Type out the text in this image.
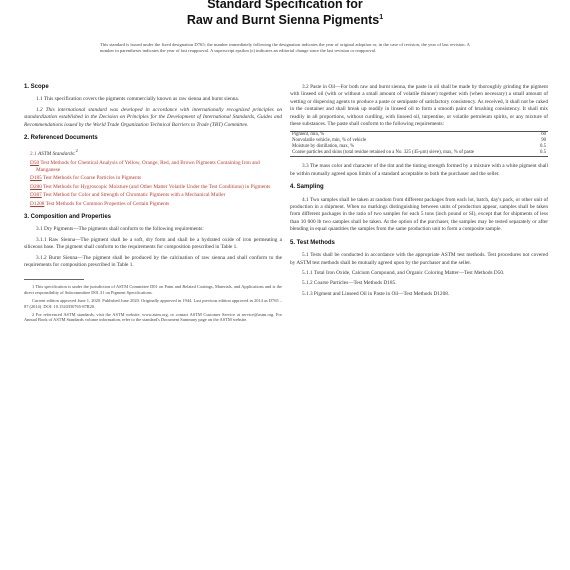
Standard Specification for
Raw and Burnt Sienna Pigments$^1$
This standard is issued under the fixed designation D765; the number immediately following the designation indicates the year of original adoption or, in the case of revision, the year of last revision. A number in parentheses indicates the year of last reapproval. A superscript epsilon (ε) indicates an editorial change since the last revision or reapproval.
1. Scope

1.1 This specification covers the pigments commercially known as raw sienna and burnt sienna.

1.2 This international standard was developed in accordance with internationally recognized principles on standardization established in the Decision on Principles for the Development of International Standards, Guides and Recommendations issued by the World Trade Organization Technical Barriers to Trade (TBT) Committee.

2. Referenced Documents
2.1 ASTM Standards:$^2$
D50 Test Methods for Chemical Analysis of Yellow, Orange, Red, and Brown Pigments Containing Iron and Manganese
D185 Test Methods for Coarse Particles in Pigments
D280 Test Methods for Hygroscopic Moisture (and Other Matter Volatile Under the Test Conditions) in Pigments
D387 Test Method for Color and Strength of Chromatic Pigments with a Mechanical Muller
D1208 Test Methods for Common Properties of Certain Pigments
3. Composition and Properties

3.1 Dry Pigments—The pigments shall conform to the following requirements:

3.1.1 Raw Sienna—The pigment shall be a soft, dry form and shall be a hydrated oxide of iron permeating a siliceous base. The pigment shall conform to the requirements for composition prescribed in Table 1.

3.1.2 Burnt Sienna—The pigment shall be produced by the calcination of raw sienna and shall conform to the requirements for composition prescribed in Table 1.

1 This specification is under the jurisdiction of ASTM Committee D01 on Paint and Related Coatings, Materials, and Applications and is the direct responsibility of Subcommittee D01.31 on Pigment Specifications.

Current edition approved June 1, 2020. Published June 2020. Originally approved in 1944. Last previous edition approved in 2014 as D765 – 87 (2014). DOI: 10.1520/D0765-87R20.

2 For referenced ASTM standards, visit the ASTM website, www.astm.org, or contact ASTM Customer Service at service@astm.org. For Annual Book of ASTM Standards volume information, refer to the standard's Document Summary page on the ASTM website.

3.2 Paste in Oil—For both raw and burnt sienna, the paste in oil shall be made by thoroughly grinding the pigment with linseed oil (with or without a small amount of volatile thinner) together with (when necessary) a small amount of wetting or dispersing agents to produce a paste or semipaste of satisfactory consistency. As received, it shall not be caked in the container and shall break up readily in linseed oil to form a smooth paint of brushing consistency. It shall mix readily in all proportions, without curdling, with linseed oil, turpentine, or volatile petroleum spirits, or any mixture of these substances. The paste shall conform to the following requirements:

Pigment, min, %	60
Nonvolatile vehicle, min, % of vehicle	90
Moisture by distillation, max, %	0.5
Coarse particles and skins (total residue retained on a No. 325 (45-μm) sieve), max, % of paste	0.5

3.3 The mass color and character of the tint and the tinting strength formed by a mixture with a white pigment shall be within mutually agreed upon limits of a standard acceptable to both the purchaser and the seller.

4. Sampling

4.1 Two samples shall be taken at random from different packages from each lot, batch, day's pack, or other unit of production in a shipment. When no markings distinguishing between units of production appear, samples shall be taken from different packages in the ratio of two samples for each 5 tons (inch pound or SI), except that for shipments of less than 10 000 lb two samples shall be taken. At the option of the purchaser, the samples may be tested separately or after blending in equal quantities the samples from the same production unit to form a composite sample.

5. Test Methods

5.1 Tests shall be conducted in accordance with the appropriate ASTM test methods. Test procedures not covered by ASTM test methods shall be mutually agreed upon by the purchaser and the seller.

5.1.1 Total Iron Oxide, Calcium Compound, and Organic Coloring Matter—Test Methods D50.

5.1.2 Coarse Particles—Test Methods D185.

5.1.3 Pigment and Linseed Oil in Paste in Oil—Test Methods D1208.
